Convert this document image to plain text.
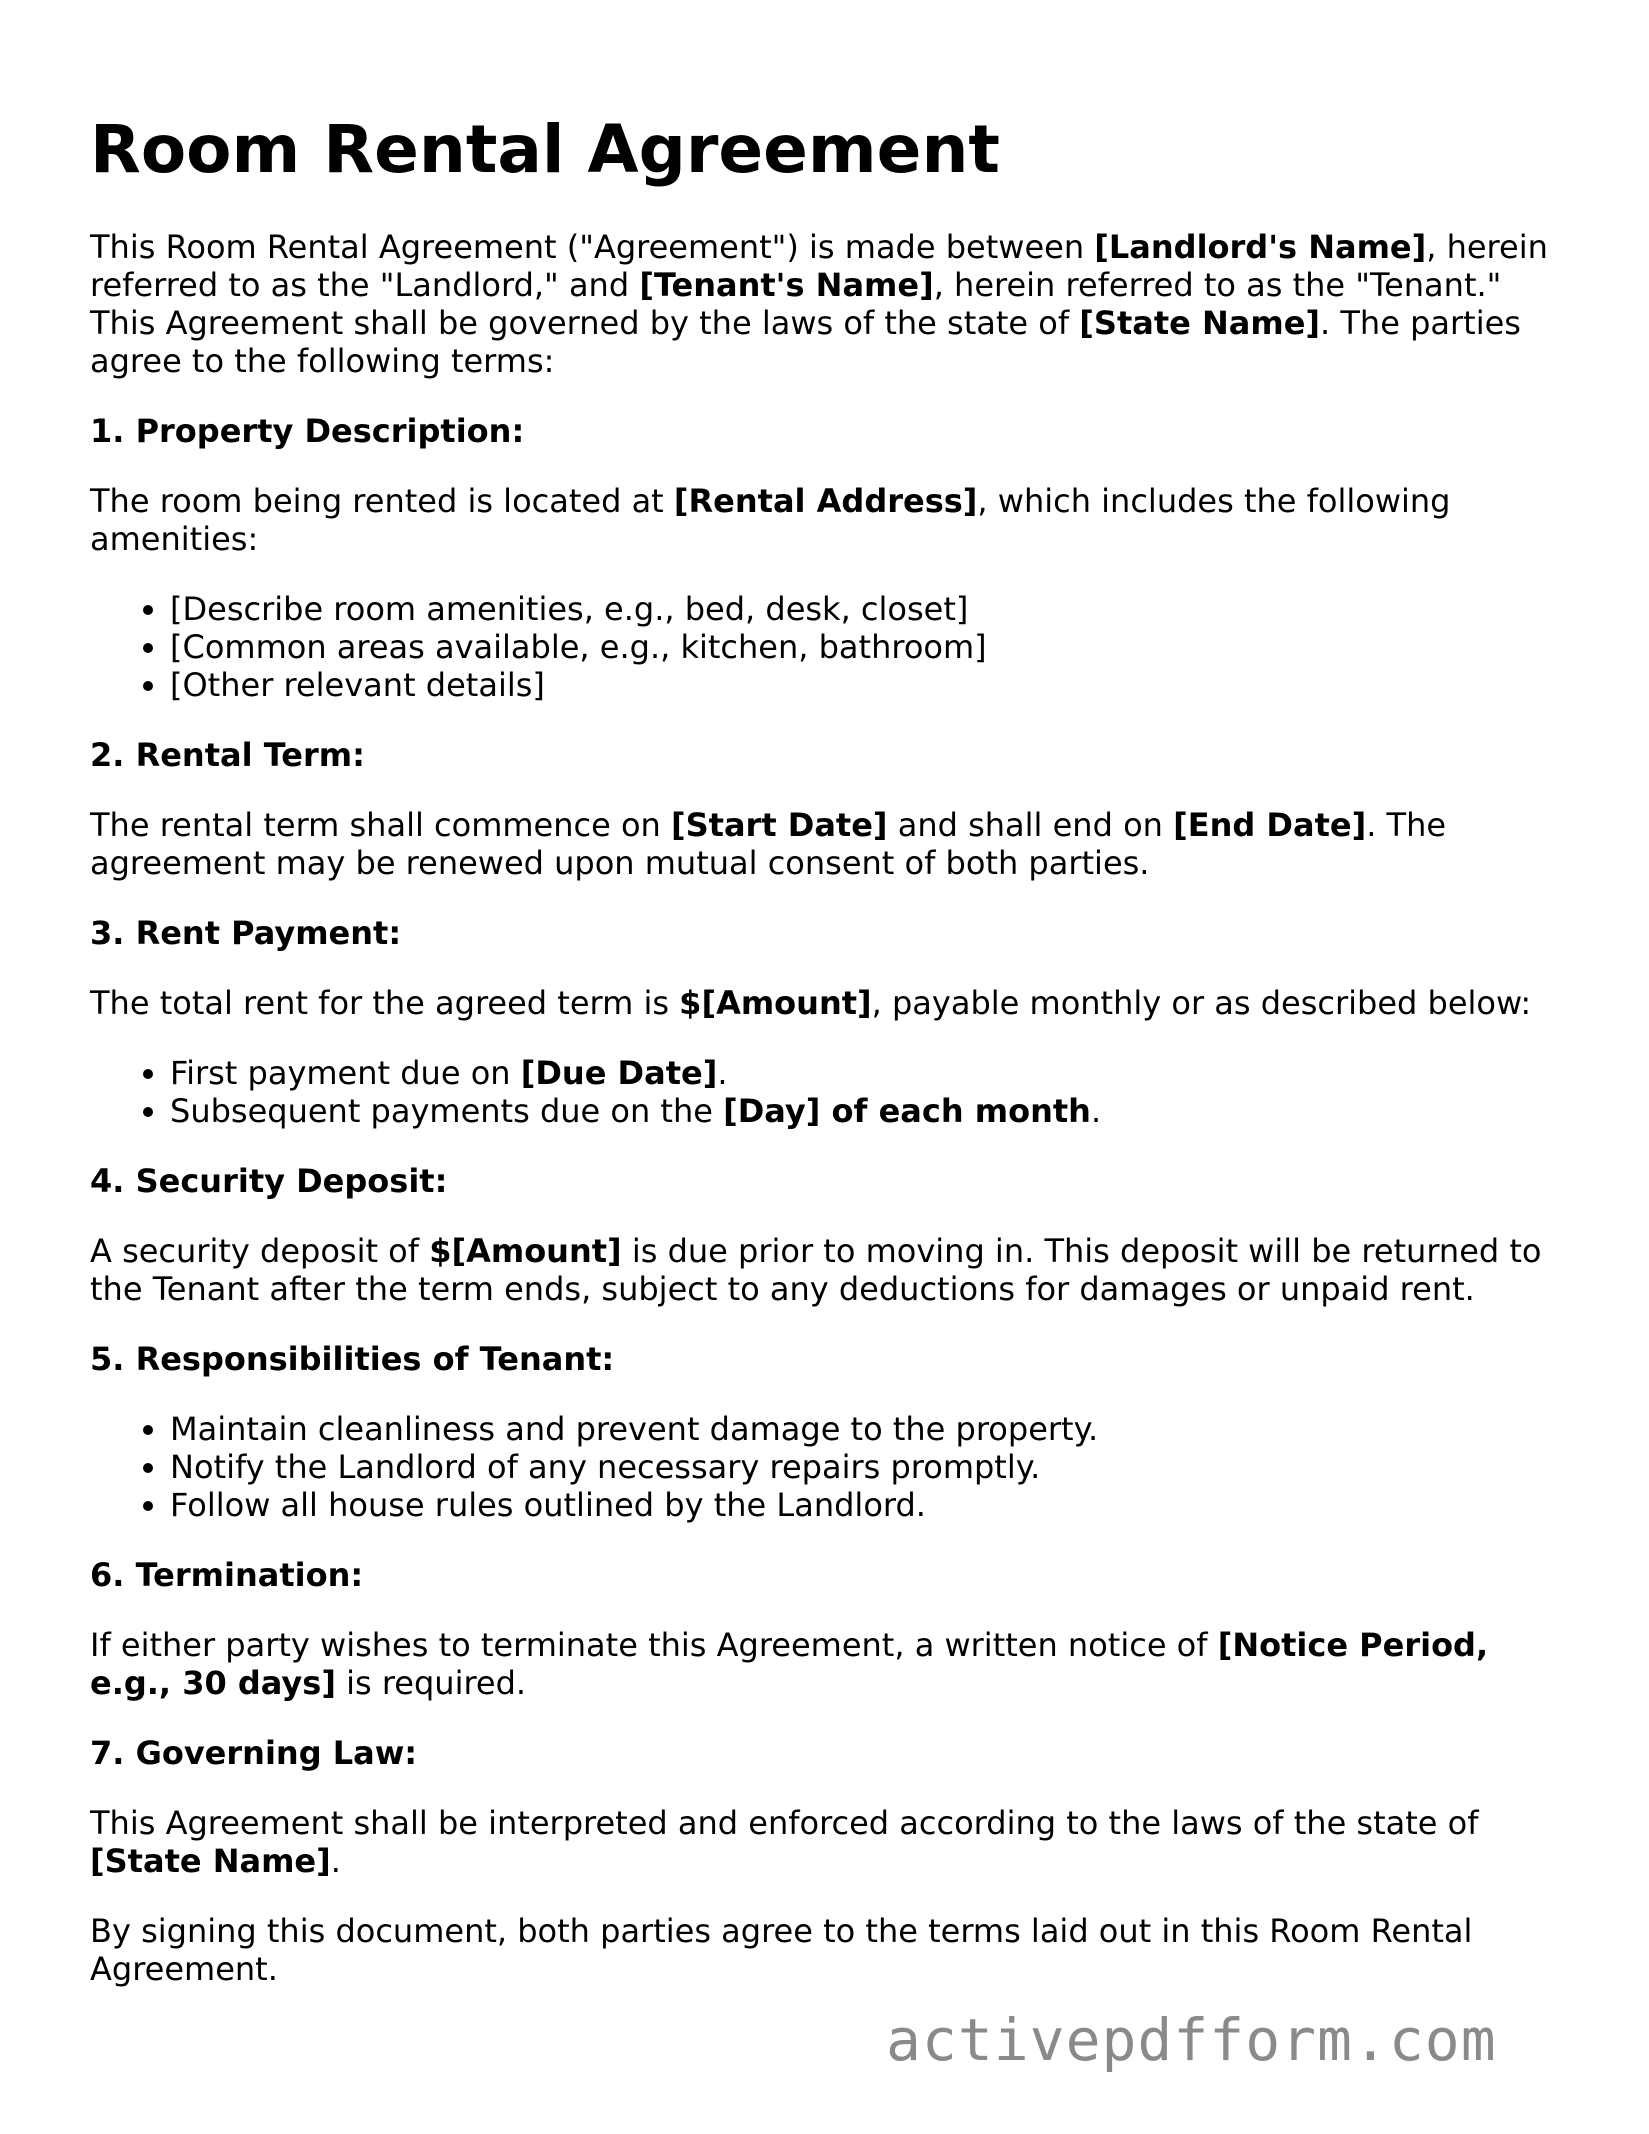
Room Rental Agreement

This Room Rental Agreement ("Agreement") is made between [Landlord's Name], herein referred to as the "Landlord," and [Tenant's Name], herein referred to as the "Tenant." This Agreement shall be governed by the laws of the state of [State Name]. The parties agree to the following terms:

1. Property Description:

The room being rented is located at [Rental Address], which includes the following amenities:

• [Describe room amenities, e.g., bed, desk, closet]
• [Common areas available, e.g., kitchen, bathroom]
• [Other relevant details]
2. Rental Term:

The rental term shall commence on [Start Date] and shall end on [End Date]. The agreement may be renewed upon mutual consent of both parties.

3. Rent Payment:

The total rent for the agreed term is $[Amount], payable monthly or as described below:

• First payment due on [Due Date].
• Subsequent payments due on the [Day] of each month.
4. Security Deposit:

A security deposit of $[Amount] is due prior to moving in. This deposit will be returned to the Tenant after the term ends, subject to any deductions for damages or unpaid rent.

5. Responsibilities of Tenant:
• Maintain cleanliness and prevent damage to the property.
• Notify the Landlord of any necessary repairs promptly.
• Follow all house rules outlined by the Landlord.
6. Termination:

If either party wishes to terminate this Agreement, a written notice of [Notice Period, e.g., 30 days] is required.

7. Governing Law:

This Agreement shall be interpreted and enforced according to the laws of the state of [State Name].

By signing this document, both parties agree to the terms laid out in this Room Rental Agreement.

activepdfform.com
